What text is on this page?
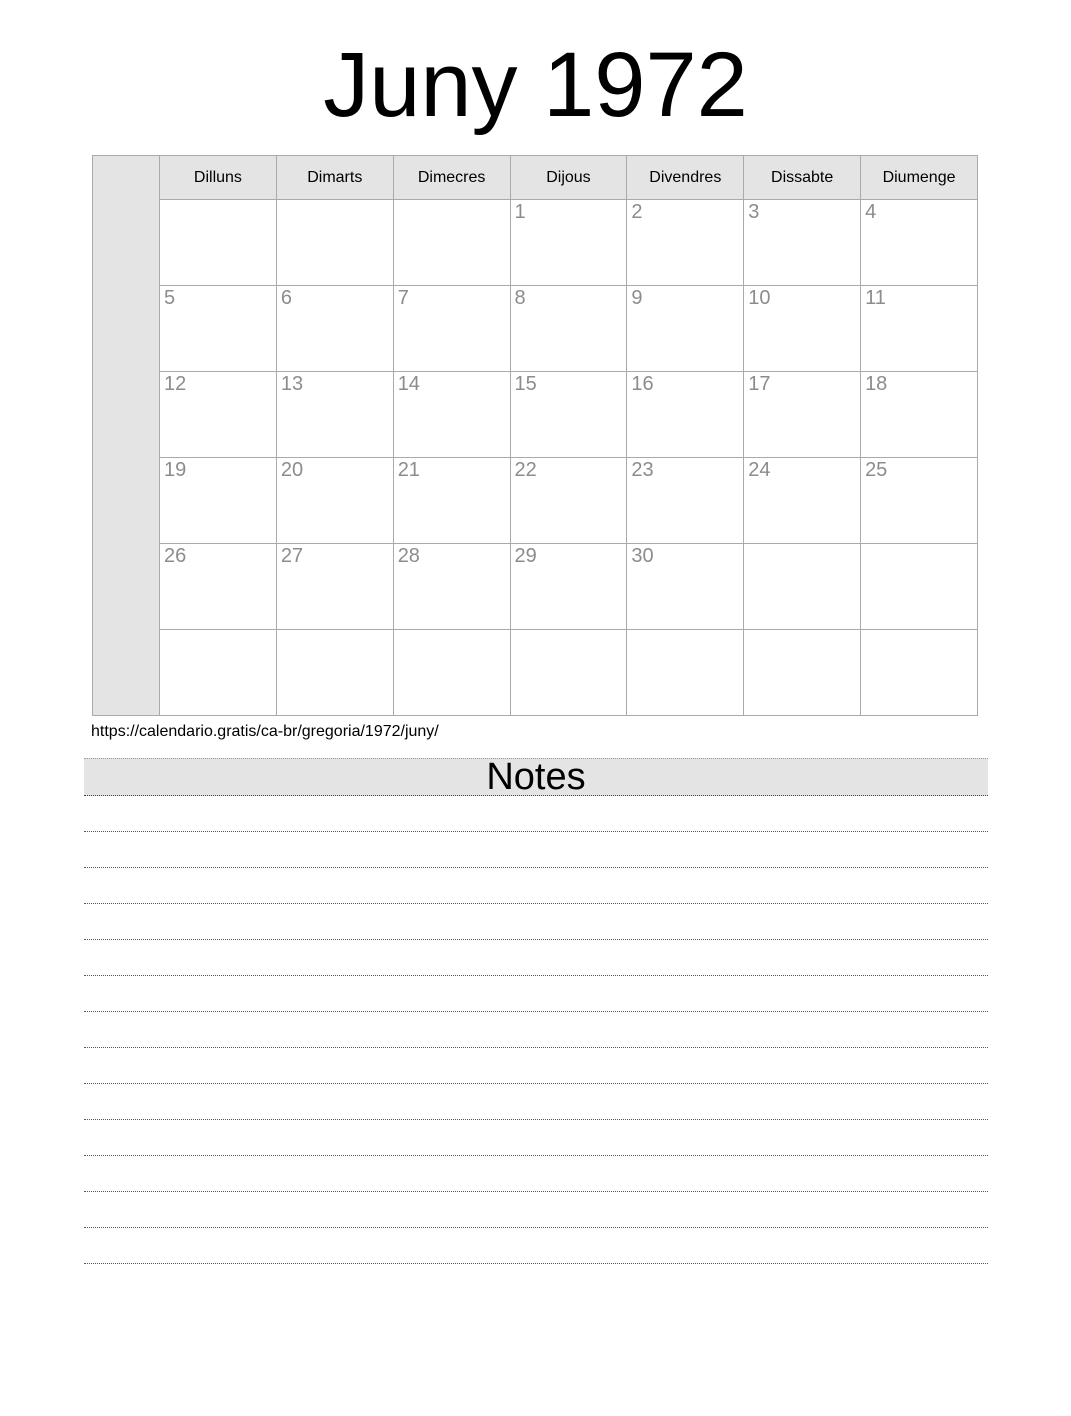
Juny 1972
	Dilluns	Dimarts	Dimecres	Dijous	Divendres	Dissabte	Diumenge
				1	2	3	4
	5	6	7	8	9	10	11
	12	13	14	15	16	17	18
	19	20	21	22	23	24	25
	26	27	28	29	30		

https://calendario.gratis/ca-br/gregoria/1972/juny/
Notes
